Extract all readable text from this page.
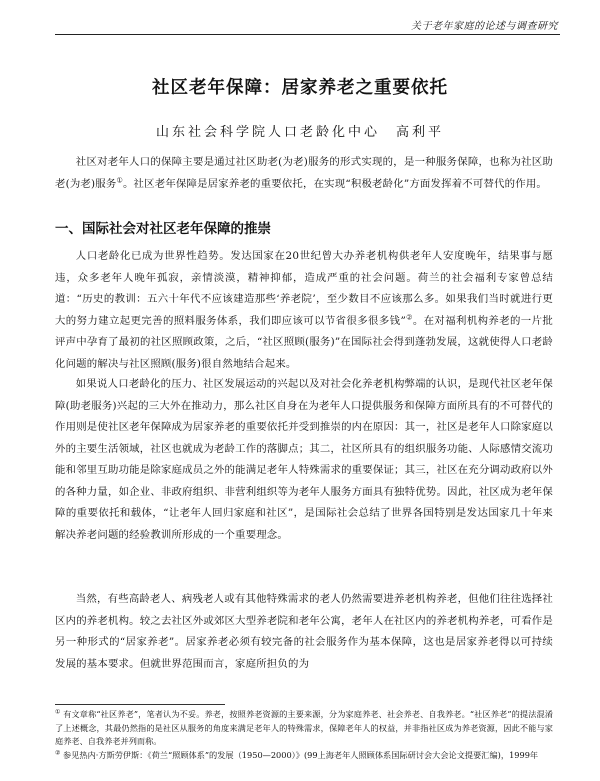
关于老年家庭的论述与调查研究
社区老年保障：居家养老之重要依托
山东社会科学院人口老龄化中心　高利平

社区对老年人口的保障主要是通过社区助老(为老)服务的形式实现的，是一种服务保障，也称为社区助老(为老)服务①。社区老年保障是居家养老的重要依托，在实现“积极老龄化”方面发挥着不可替代的作用。

一、国际社会对社区老年保障的推崇

人口老龄化已成为世界性趋势。发达国家在20世纪曾大办养老机构供老年人安度晚年，结果事与愿违，众多老年人晚年孤寂，亲情淡漠，精神抑郁，造成严重的社会问题。荷兰的社会福利专家曾总结道：“历史的教训：五六十年代不应该建造那些‘养老院’，至少数目不应该那么多。如果我们当时就进行更大的努力建立起更完善的照料服务体系，我们即应该可以节省很多很多钱”②。在对福利机构养老的一片批评声中孕育了最初的社区照顾政策，之后，“社区照顾(服务)”在国际社会得到蓬勃发展，这就使得人口老龄化问题的解决与社区照顾(服务)很自然地结合起来。

如果说人口老龄化的压力、社区发展运动的兴起以及对社会化养老机构弊端的认识，是现代社区老年保障(助老服务)兴起的三大外在推动力，那么社区自身在为老年人口提供服务和保障方面所具有的不可替代的作用则是使社区老年保障成为居家养老的重要依托并受到推崇的内在原因：其一，社区是老年人口除家庭以外的主要生活领域，社区也就成为老龄工作的落脚点；其二，社区所具有的组织服务功能、人际感情交流功能和邻里互助功能是除家庭成员之外的能满足老年人特殊需求的重要保证；其三，社区在充分调动政府以外的各种力量，如企业、非政府组织、非营利组织等为老年人服务方面具有独特优势。因此，社区成为老年保障的重要依托和载体，“让老年人回归家庭和社区”，是国际社会总结了世界各国特别是发达国家几十年来解决养老问题的经验教训所形成的一个重要理念。

当然，有些高龄老人、病残老人或有其他特殊需求的老人仍然需要进养老机构养老，但他们往往选择社区内的养老机构。较之去社区外或郊区大型养老院和老年公寓，老年人在社区内的养老机构养老，可看作是另一种形式的“居家养老”。居家养老必须有较完备的社会服务作为基本保障，这也是居家养老得以可持续发展的基本要求。但就世界范围而言，家庭所担负的为

① 有文章称“社区养老”，笔者认为不妥。养老，按照养老资源的主要来源，分为家庭养老、社会养老、自我养老。“社区养老”的提法混淆了上述概念，其最仍然指的是社区从服务的角度来满足老年人的特殊需求，保障老年人的权益，并非指社区成为养老资源，因此不能与家庭养老、自我养老并列而称。

② 参见热内·方斯劳伊斯：《荷兰“照顾体系”的发展（1950—2000）》(99上海老年人照顾体系国际研讨会大会论文提要汇编)，1999年
